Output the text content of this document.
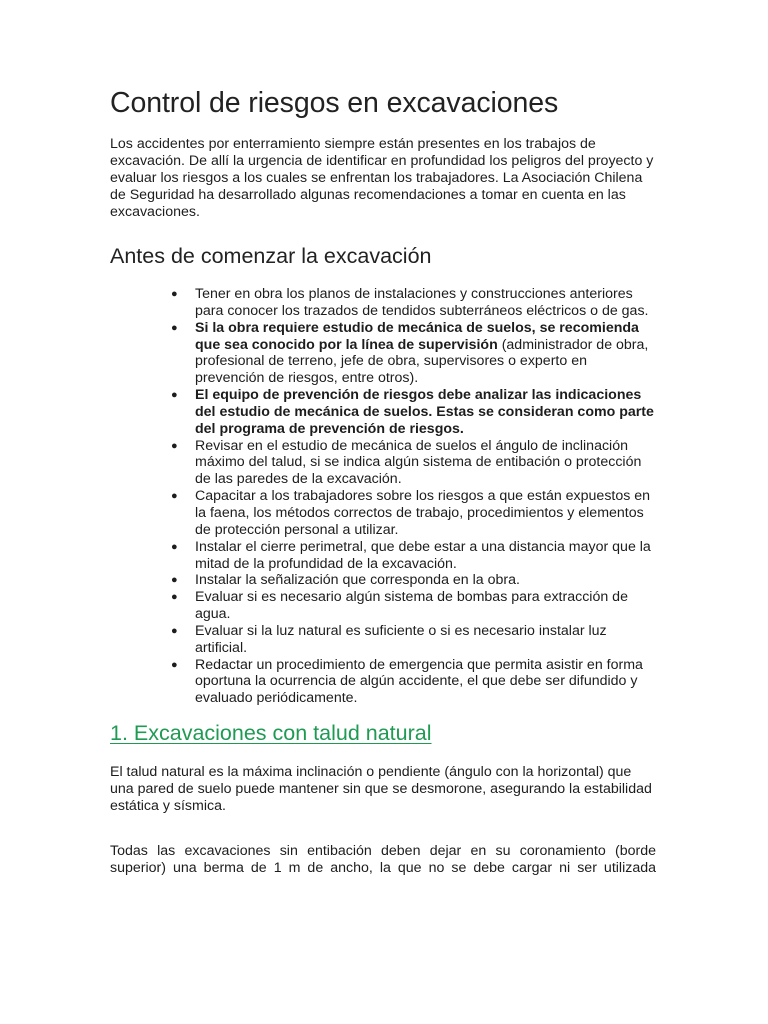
Control de riesgos en excavaciones

Los accidentes por enterramiento siempre están presentes en los trabajos de excavación. De allí la urgencia de identificar en profundidad los peligros del proyecto y evaluar los riesgos a los cuales se enfrentan los trabajadores. La Asociación Chilena de Seguridad ha desarrollado algunas recomendaciones a tomar en cuenta en las excavaciones.

Antes de comenzar la excavación
● Tener en obra los planos de instalaciones y construcciones anteriores para conocer los trazados de tendidos subterráneos eléctricos o de gas.
● Si la obra requiere estudio de mecánica de suelos, se recomienda que sea conocido por la línea de supervisión (administrador de obra, profesional de terreno, jefe de obra, supervisores o experto en prevención de riesgos, entre otros).
● El equipo de prevención de riesgos debe analizar las indicaciones del estudio de mecánica de suelos. Estas se consideran como parte del programa de prevención de riesgos.
● Revisar en el estudio de mecánica de suelos el ángulo de inclinación máximo del talud, si se indica algún sistema de entibación o protección de las paredes de la excavación.
● Capacitar a los trabajadores sobre los riesgos a que están expuestos en la faena, los métodos correctos de trabajo, procedimientos y elementos de protección personal a utilizar.
● Instalar el cierre perimetral, que debe estar a una distancia mayor que la mitad de la profundidad de la excavación.
● Instalar la señalización que corresponda en la obra.
● Evaluar si es necesario algún sistema de bombas para extracción de agua.
● Evaluar si la luz natural es suficiente o si es necesario instalar luz artificial.
● Redactar un procedimiento de emergencia que permita asistir en forma oportuna la ocurrencia de algún accidente, el que debe ser difundido y evaluado periódicamente.
1. Excavaciones con talud natural

El talud natural es la máxima inclinación o pendiente (ángulo con la horizontal) que una pared de suelo puede mantener sin que se desmorone, asegurando la estabilidad estática y sísmica.

Todas las excavaciones sin entibación deben dejar en su coronamiento (borde superior) una berma de 1 m de ancho, la que no se debe cargar ni ser utilizada
